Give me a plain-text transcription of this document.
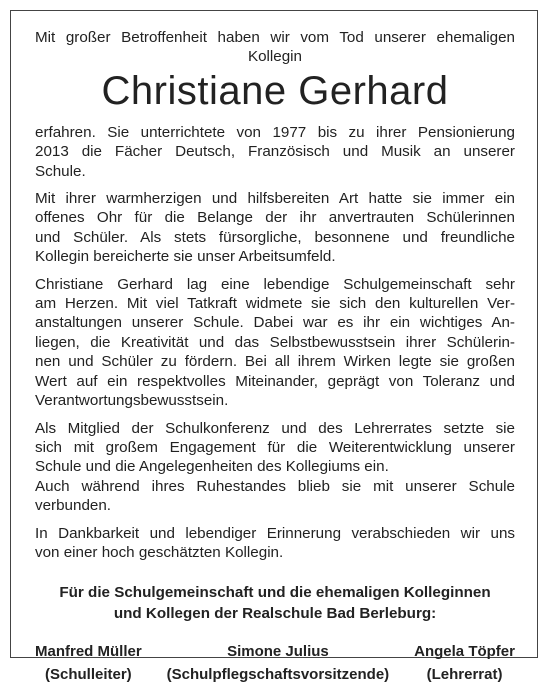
Mit großer Betroffenheit haben wir vom Tod unserer ehemaligen
Kollegin
Christiane Gerhard
erfahren. Sie unterrichtete von 1977 bis zu ihrer Pensionierung
2013 die Fächer Deutsch, Französisch und Musik an unserer
Schule.
Mit ihrer warmherzigen und hilfsbereiten Art hatte sie immer ein
offenes Ohr für die Belange der ihr anvertrauten Schülerinnen
und Schüler. Als stets fürsorgliche, besonnene und freundliche
Kollegin bereicherte sie unser Arbeitsumfeld.
Christiane Gerhard lag eine lebendige Schulgemeinschaft sehr
am Herzen. Mit viel Tatkraft widmete sie sich den kulturellen Ver-
anstaltungen unserer Schule. Dabei war es ihr ein wichtiges An-
liegen, die Kreativität und das Selbstbewusstsein ihrer Schülerin-
nen und Schüler zu fördern. Bei all ihrem Wirken legte sie großen
Wert auf ein respektvolles Miteinander, geprägt von Toleranz und
Verantwortungsbewusstsein.
Als Mitglied der Schulkonferenz und des Lehrerrates setzte sie
sich mit großem Engagement für die Weiterentwicklung unserer
Schule und die Angelegenheiten des Kollegiums ein.
Auch während ihres Ruhestandes blieb sie mit unserer Schule
verbunden.
In Dankbarkeit und lebendiger Erinnerung verabschieden wir uns
von einer hoch geschätzten Kollegin.
Für die Schulgemeinschaft und die ehemaligen Kolleginnen
und Kollegen der Realschule Bad Berleburg:
Manfred Müller
(Schulleiter)
Simone Julius
(Schulpflegschaftsvorsitzende)
Angela Töpfer
(Lehrerrat)
